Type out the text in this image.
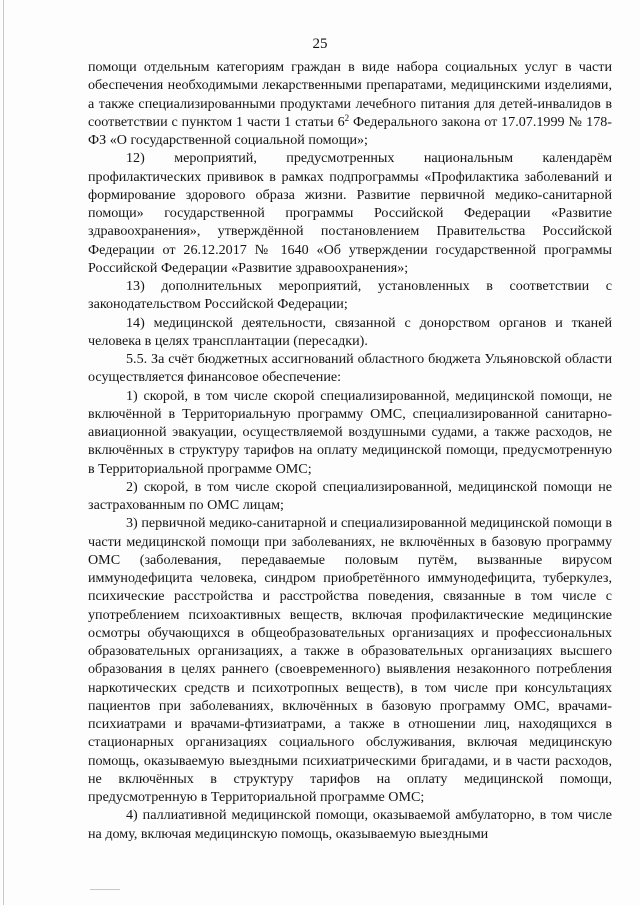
25

помощи отдельным категориям граждан в виде набора социальных услуг в части обеспечения необходимыми лекарственными препаратами, медицинскими изделиями, а также специализированными продуктами лечебного питания для детей-инвалидов в соответствии с пунктом 1 части 1 статьи $6^2$ Федерального закона от 17.07.1999 № 178-ФЗ «О государственной социальной помощи»;

12) мероприятий, предусмотренных национальным календарём профилактических прививок в рамках подпрограммы «Профилактика заболеваний и формирование здорового образа жизни. Развитие первичной медико-санитарной помощи» государственной программы Российской Федерации «Развитие здравоохранения», утверждённой постановлением Правительства Российской Федерации от 26.12.2017 № 1640 «Об утверждении государственной программы Российской Федерации «Развитие здравоохранения»;

13) дополнительных мероприятий, установленных в соответствии с законодательством Российской Федерации;

14) медицинской деятельности, связанной с донорством органов и тканей человека в целях трансплантации (пересадки).

5.5. За счёт бюджетных ассигнований областного бюджета Ульяновской области осуществляется финансовое обеспечение:

1) скорой, в том числе скорой специализированной, медицинской помощи, не включённой в Территориальную программу ОМС, специализированной санитарно-авиационной эвакуации, осуществляемой воздушными судами, а также расходов, не включённых в структуру тарифов на оплату медицинской помощи, предусмотренную в Территориальной программе ОМС;

2) скорой, в том числе скорой специализированной, медицинской помощи не застрахованным по ОМС лицам;

3) первичной медико-санитарной и специализированной медицинской помощи в части медицинской помощи при заболеваниях, не включённых в базовую программу ОМС (заболевания, передаваемые половым путём, вызванные вирусом иммунодефицита человека, синдром приобретённого иммунодефицита, туберкулез, психические расстройства и расстройства поведения, связанные в том числе с употреблением психоактивных веществ, включая профилактические медицинские осмотры обучающихся в общеобразовательных организациях и профессиональных образовательных организациях, а также в образовательных организациях высшего образования в целях раннего (своевременного) выявления незаконного потребления наркотических средств и психотропных веществ), в том числе при консультациях пациентов при заболеваниях, включённых в базовую программу ОМС, врачами-психиатрами и врачами-фтизиатрами, а также в отношении лиц, находящихся в стационарных организациях социального обслуживания, включая медицинскую помощь, оказываемую выездными психиатрическими бригадами, и в части расходов, не включённых в структуру тарифов на оплату медицинской помощи, предусмотренную в Территориальной программе ОМС;

4) паллиативной медицинской помощи, оказываемой амбулаторно, в том числе на дому, включая медицинскую помощь, оказываемую выездными
